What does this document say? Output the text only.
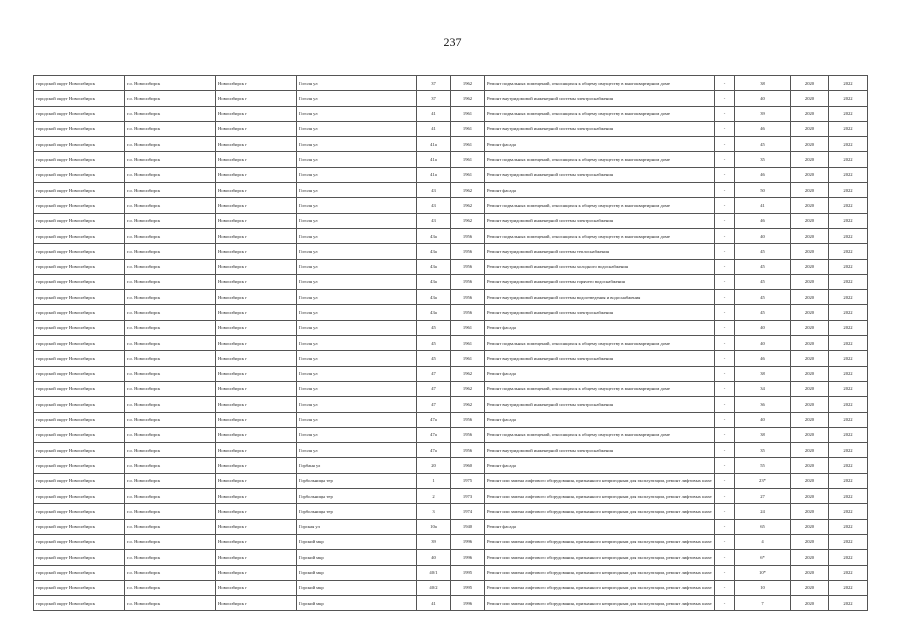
237
городской округ Новосибирск	г.о. Новосибирск	Новосибирск г	Гоголя ул	37	1962	Ремонт подвальных помещений, относящихся к общему имуществу в многоквартирном доме	-	38	2020	2022
городской округ Новосибирск	г.о. Новосибирск	Новосибирск г	Гоголя ул	37	1962	Ремонт внутридомовой инженерной системы электроснабжения	-	40	2020	2022
городской округ Новосибирск	г.о. Новосибирск	Новосибирск г	Гоголя ул	41	1961	Ремонт подвальных помещений, относящихся к общему имуществу в многоквартирном доме	-	39	2020	2022
городской округ Новосибирск	г.о. Новосибирск	Новосибирск г	Гоголя ул	41	1961	Ремонт внутридомовой инженерной системы электроснабжения	-	46	2020	2022
городской округ Новосибирск	г.о. Новосибирск	Новосибирск г	Гоголя ул	41а	1961	Ремонт фасада	-	45	2020	2022
городской округ Новосибирск	г.о. Новосибирск	Новосибирск г	Гоголя ул	41а	1961	Ремонт подвальных помещений, относящихся к общему имуществу в многоквартирном доме	-	35	2020	2022
городской округ Новосибирск	г.о. Новосибирск	Новосибирск г	Гоголя ул	41а	1961	Ремонт внутридомовой инженерной системы электроснабжения	-	46	2020	2022
городской округ Новосибирск	г.о. Новосибирск	Новосибирск г	Гоголя ул	43	1962	Ремонт фасада	-	50	2020	2022
городской округ Новосибирск	г.о. Новосибирск	Новосибирск г	Гоголя ул	43	1962	Ремонт подвальных помещений, относящихся к общему имуществу в многоквартирном доме	-	41	2020	2022
городской округ Новосибирск	г.о. Новосибирск	Новосибирск г	Гоголя ул	43	1962	Ремонт внутридомовой инженерной системы электроснабжения	-	46	2020	2022
городской округ Новосибирск	г.о. Новосибирск	Новосибирск г	Гоголя ул	43а	1956	Ремонт подвальных помещений, относящихся к общему имуществу в многоквартирном доме	-	40	2020	2022
городской округ Новосибирск	г.о. Новосибирск	Новосибирск г	Гоголя ул	43а	1956	Ремонт внутридомовой инженерной системы теплоснабжения	-	45	2020	2022
городской округ Новосибирск	г.о. Новосибирск	Новосибирск г	Гоголя ул	43а	1956	Ремонт внутридомовой инженерной системы холодного водоснабжения	-	45	2020	2022
городской округ Новосибирск	г.о. Новосибирск	Новосибирск г	Гоголя ул	43а	1956	Ремонт внутридомовой инженерной системы горячего водоснабжения	-	45	2020	2022
городской округ Новосибирск	г.о. Новосибирск	Новосибирск г	Гоголя ул	43а	1956	Ремонт внутридомовой инженерной системы водоотведения и водоснабжения	-	45	2020	2022
городской округ Новосибирск	г.о. Новосибирск	Новосибирск г	Гоголя ул	43а	1956	Ремонт внутридомовой инженерной системы электроснабжения	-	45	2020	2022
городской округ Новосибирск	г.о. Новосибирск	Новосибирск г	Гоголя ул	45	1961	Ремонт фасада	-	40	2020	2022
городской округ Новосибирск	г.о. Новосибирск	Новосибирск г	Гоголя ул	45	1961	Ремонт подвальных помещений, относящихся к общему имуществу в многоквартирном доме	-	40	2020	2022
городской округ Новосибирск	г.о. Новосибирск	Новосибирск г	Гоголя ул	45	1961	Ремонт внутридомовой инженерной системы электроснабжения	-	46	2020	2022
городской округ Новосибирск	г.о. Новосибирск	Новосибирск г	Гоголя ул	47	1962	Ремонт фасада	-	38	2020	2022
городской округ Новосибирск	г.о. Новосибирск	Новосибирск г	Гоголя ул	47	1962	Ремонт подвальных помещений, относящихся к общему имуществу в многоквартирном доме	-	34	2020	2022
городской округ Новосибирск	г.о. Новосибирск	Новосибирск г	Гоголя ул	47	1962	Ремонт внутридомовой инженерной системы электроснабжения	-	36	2020	2022
городской округ Новосибирск	г.о. Новосибирск	Новосибирск г	Гоголя ул	47а	1956	Ремонт фасада	-	40	2020	2022
городской округ Новосибирск	г.о. Новосибирск	Новосибирск г	Гоголя ул	47а	1956	Ремонт подвальных помещений, относящихся к общему имуществу в многоквартирном доме	-	38	2020	2022
городской округ Новосибирск	г.о. Новосибирск	Новосибирск г	Гоголя ул	47а	1956	Ремонт внутридомовой инженерной системы электроснабжения	-	35	2020	2022
городской округ Новосибирск	г.о. Новосибирск	Новосибирск г	Горбаня ул	20	1960	Ремонт фасада	-	55	2020	2022
городской округ Новосибирск	г.о. Новосибирск	Новосибирск г	Горбольницы тер	1	1975	Ремонт или замена лифтового оборудования, признанного непригодным для эксплуатации, ремонт лифтовых шахт	-	23*	2020	2022
городской округ Новосибирск	г.о. Новосибирск	Новосибирск г	Горбольницы тер	2	1973	Ремонт или замена лифтового оборудования, признанного непригодным для эксплуатации, ремонт лифтовых шахт	-	27	2020	2022
городской округ Новосибирск	г.о. Новосибирск	Новосибирск г	Горбольницы тер	3	1974	Ремонт или замена лифтового оборудования, признанного непригодным для эксплуатации, ремонт лифтовых шахт	-	24	2020	2022
городской округ Новосибирск	г.о. Новосибирск	Новосибирск г	Горская ул	10а	1940	Ремонт фасада	-	65	2020	2022
городской округ Новосибирск	г.о. Новосибирск	Новосибирск г	Горский мкр	39	1996	Ремонт или замена лифтового оборудования, признанного непригодным для эксплуатации, ремонт лифтовых шахт	-	4	2020	2022
городской округ Новосибирск	г.о. Новосибирск	Новосибирск г	Горский мкр	40	1996	Ремонт или замена лифтового оборудования, признанного непригодным для эксплуатации, ремонт лифтовых шахт	-	6*	2020	2022
городской округ Новосибирск	г.о. Новосибирск	Новосибирск г	Горский мкр	40/1	1995	Ремонт или замена лифтового оборудования, признанного непригодным для эксплуатации, ремонт лифтовых шахт	-	10*	2020	2022
городской округ Новосибирск	г.о. Новосибирск	Новосибирск г	Горский мкр	40/2	1995	Ремонт или замена лифтового оборудования, признанного непригодным для эксплуатации, ремонт лифтовых шахт	-	10	2020	2022
городской округ Новосибирск	г.о. Новосибирск	Новосибирск г	Горский мкр	41	1996	Ремонт или замена лифтового оборудования, признанного непригодным для эксплуатации, ремонт лифтовых шахт	-	7	2020	2022
